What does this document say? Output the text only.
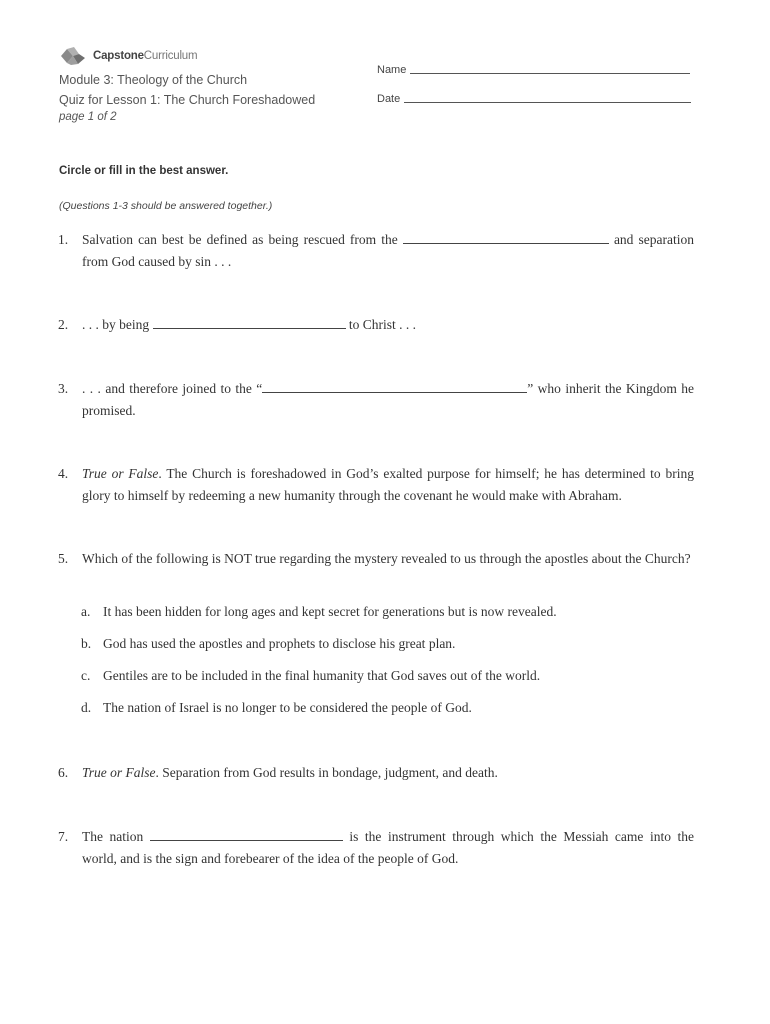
CapstoneCurriculum
Module 3: Theology of the Church
Quiz for Lesson 1: The Church Foreshadowed
page 1 of 2
Name
Date
Circle or fill in the best answer.
(Questions 1-3 should be answered together.)
1. Salvation can best be defined as being rescued from the	and separation from God caused by sin . . .
2. . . . by being	to Christ . . .
3. . . . and therefore joined to the “	” who inherit the Kingdom he promised.
4. True or False. The Church is foreshadowed in God’s exalted purpose for himself; he has determined to bring glory to himself by redeeming a new humanity through the covenant he would make with Abraham.
5. Which of the following is NOT true regarding the mystery revealed to us through the apostles about the Church?
a. It has been hidden for long ages and kept secret for generations but is now revealed.
b. God has used the apostles and prophets to disclose his great plan.
c. Gentiles are to be included in the final humanity that God saves out of the world.
d. The nation of Israel is no longer to be considered the people of God.
6. True or False. Separation from God results in bondage, judgment, and death.
7. The nation	is the instrument through which the Messiah came into the world, and is the sign and forebearer of the idea of the people of God.
